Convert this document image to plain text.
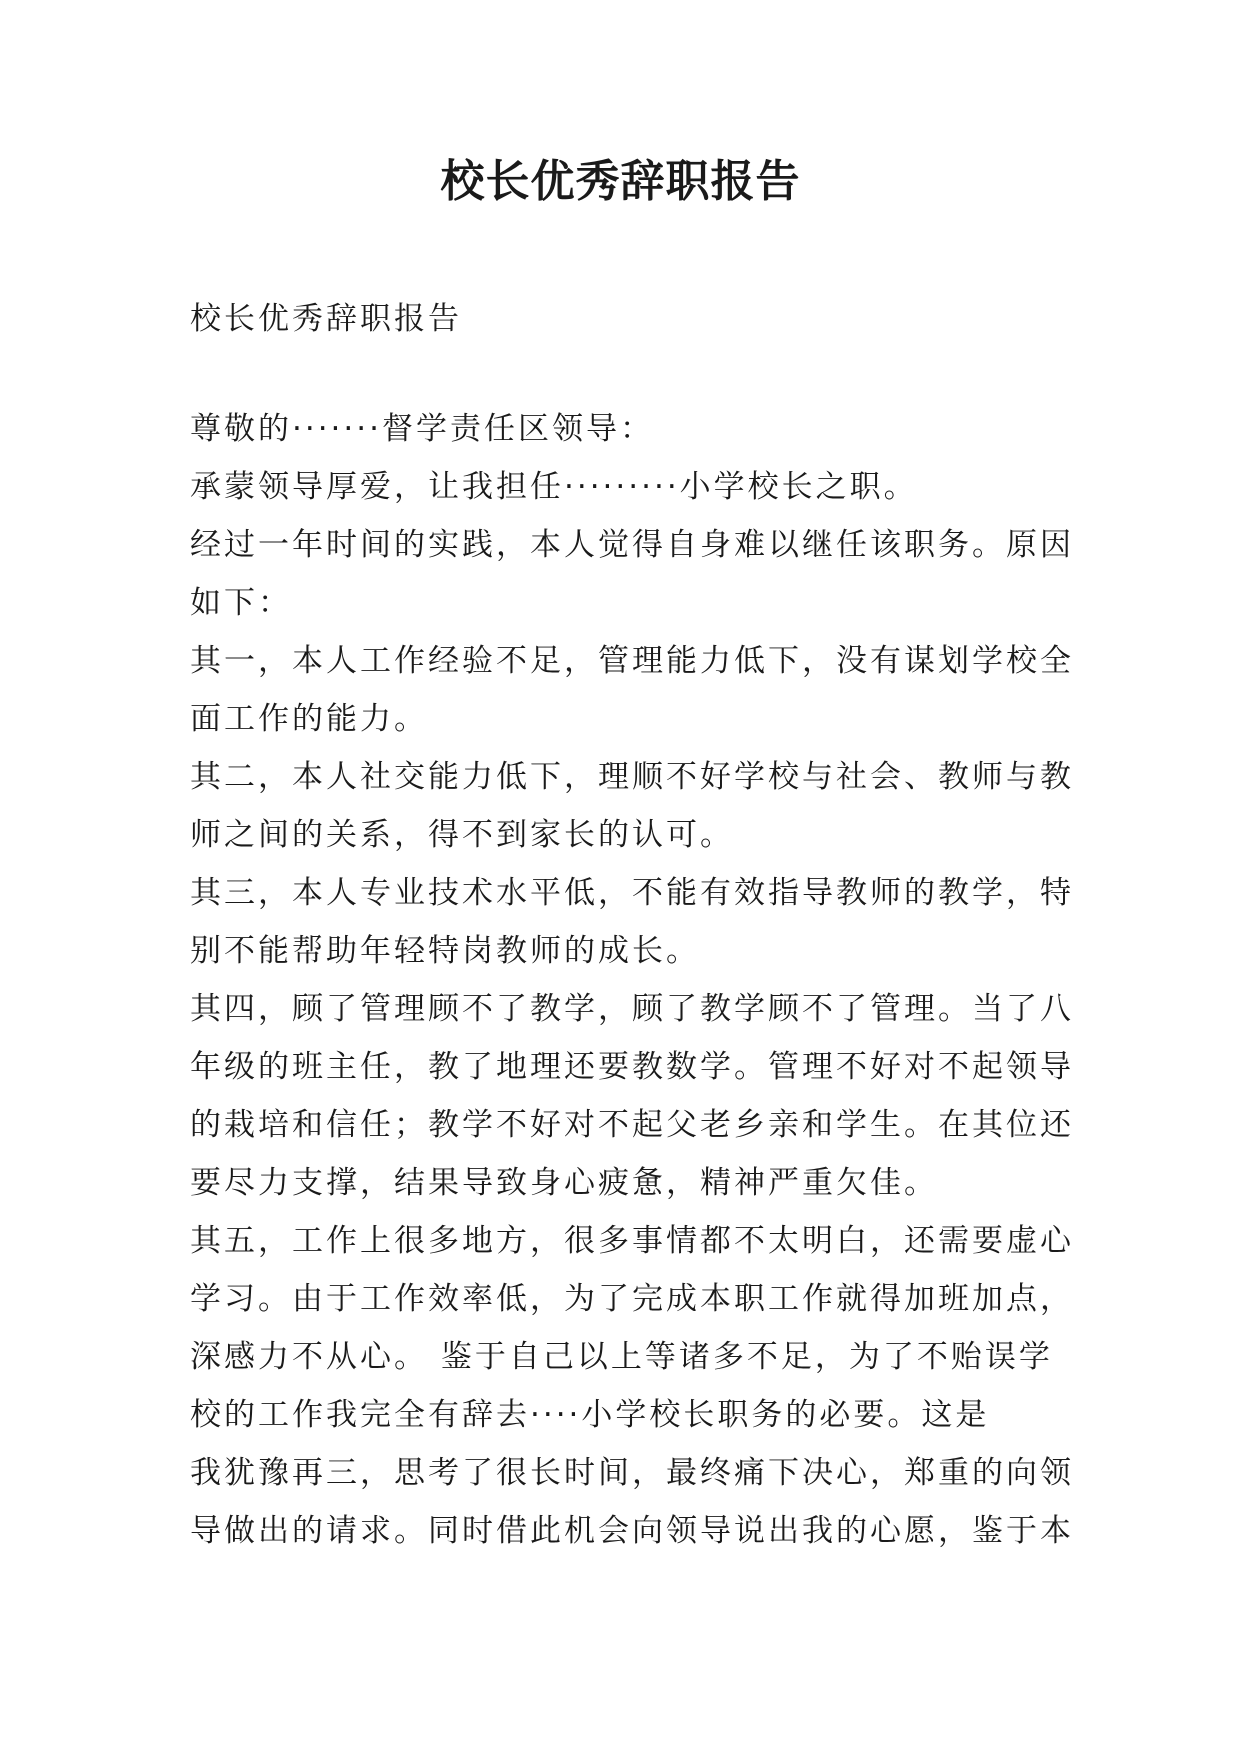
校长优秀辞职报告

校长优秀辞职报告

尊敬的·······督学责任区领导：
承蒙领导厚爱，让我担任·········小学校长之职。
经过一年时间的实践，本人觉得自身难以继任该职务。原因
如下：
其一，本人工作经验不足，管理能力低下，没有谋划学校全
面工作的能力。
其二，本人社交能力低下，理顺不好学校与社会、教师与教
师之间的关系，得不到家长的认可。
其三，本人专业技术水平低，不能有效指导教师的教学，特
别不能帮助年轻特岗教师的成长。
其四，顾了管理顾不了教学，顾了教学顾不了管理。当了八
年级的班主任，教了地理还要教数学。管理不好对不起领导
的栽培和信任；教学不好对不起父老乡亲和学生。在其位还
要尽力支撑，结果导致身心疲惫，精神严重欠佳。
其五，工作上很多地方，很多事情都不太明白，还需要虚心
学习。由于工作效率低，为了完成本职工作就得加班加点，
深感力不从心。 鉴于自己以上等诸多不足，为了不贻误学
校的工作我完全有辞去····小学校长职务的必要。这是
我犹豫再三，思考了很长时间，最终痛下决心，郑重的向领
导做出的请求。同时借此机会向领导说出我的心愿，鉴于本
